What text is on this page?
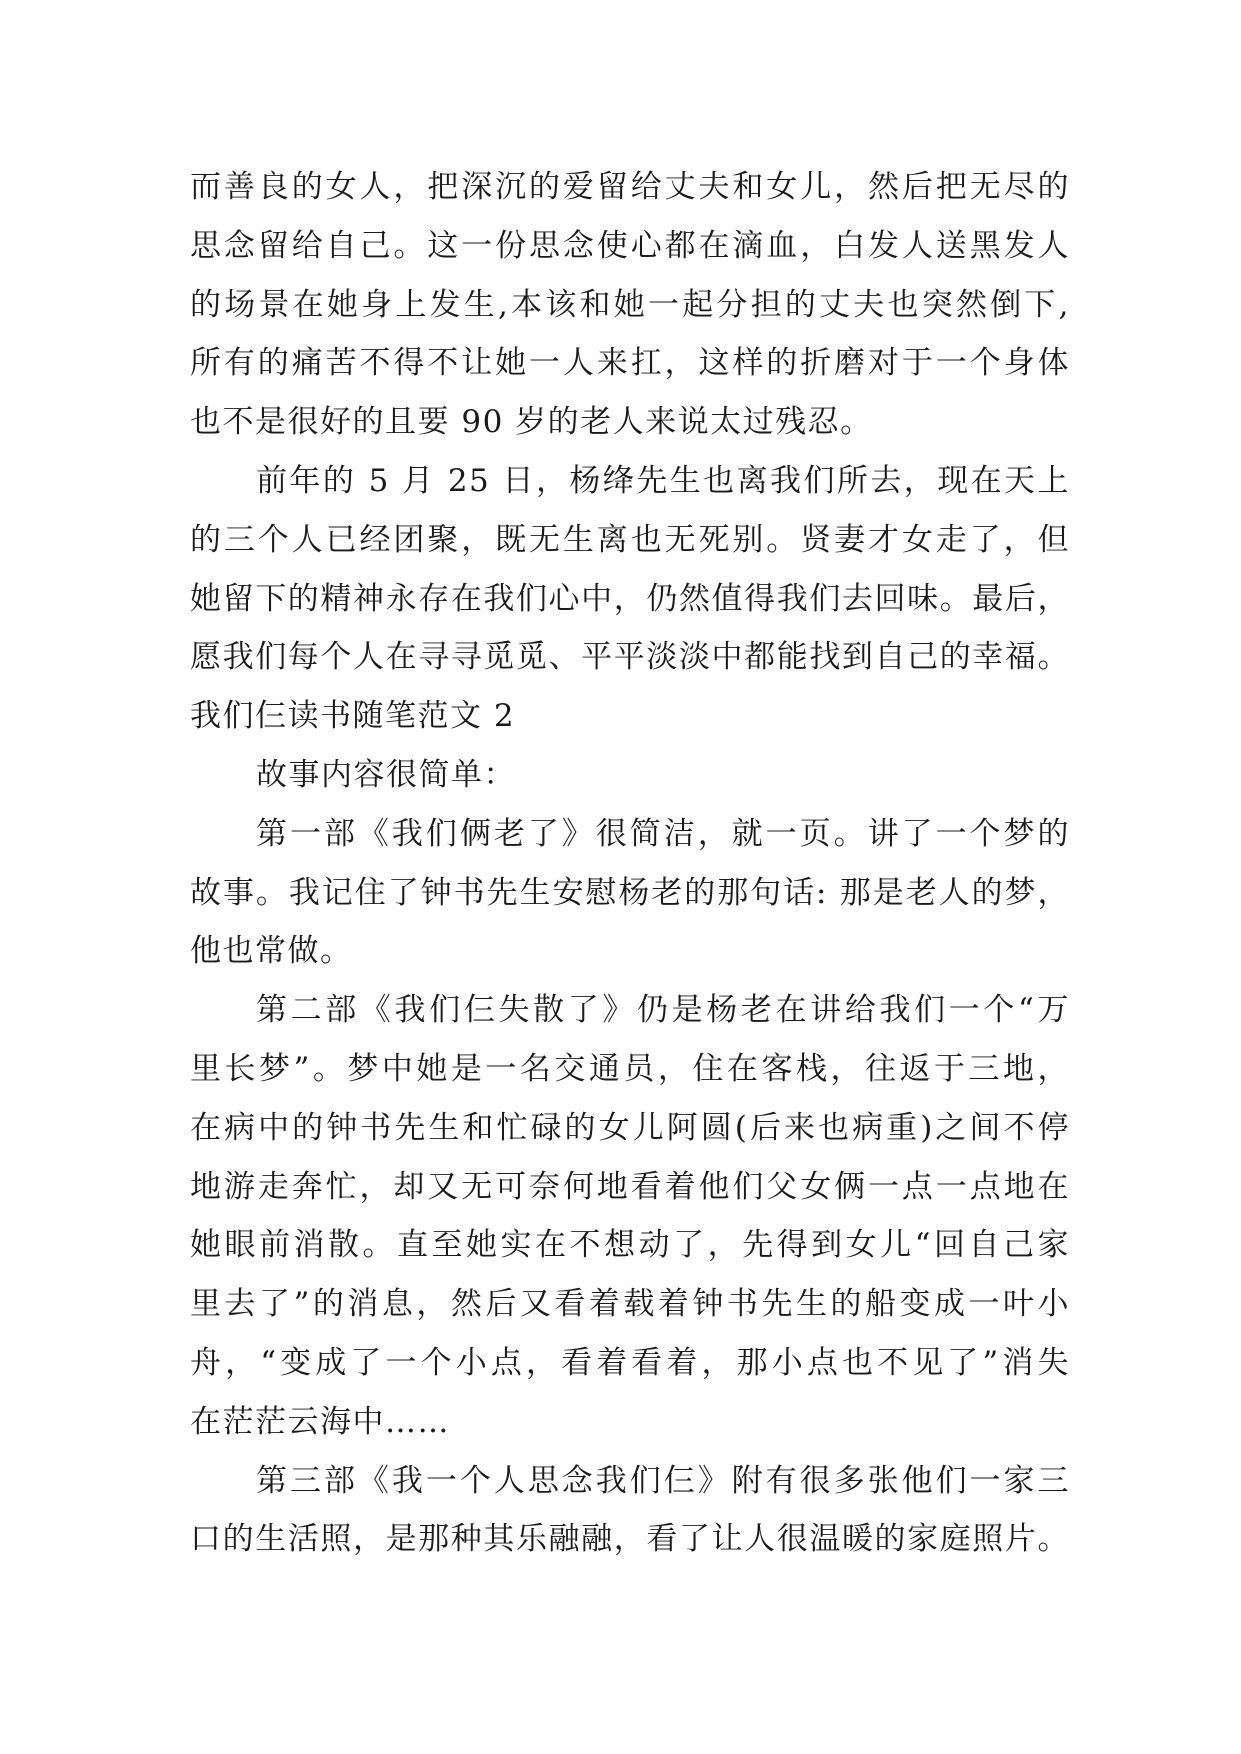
而善良的女人，把深沉的爱留给丈夫和女儿，然后把无尽的
思念留给自己。这一份思念使心都在滴血，白发人送黑发人
的场景在她身上发生,本该和她一起分担的丈夫也突然倒下,
所有的痛苦不得不让她一人来扛，这样的折磨对于一个身体
也不是很好的且要 90 岁的老人来说太过残忍。
前年的 5 月 25 日，杨绛先生也离我们所去，现在天上
的三个人已经团聚，既无生离也无死别。贤妻才女走了，但
她留下的精神永存在我们心中，仍然值得我们去回味。最后，
愿我们每个人在寻寻觅觅、平平淡淡中都能找到自己的幸福。
我们仨读书随笔范文 2
故事内容很简单：
第一部《我们俩老了》很简洁，就一页。讲了一个梦的
故事。我记住了钟书先生安慰杨老的那句话: 那是老人的梦，
他也常做。
第二部《我们仨失散了》仍是杨老在讲给我们一个“万
里长梦”。梦中她是一名交通员，住在客栈，往返于三地，
在病中的钟书先生和忙碌的女儿阿圆(后来也病重)之间不停
地游走奔忙，却又无可奈何地看着他们父女俩一点一点地在
她眼前消散。直至她实在不想动了，先得到女儿“回自己家
里去了”的消息，然后又看着载着钟书先生的船变成一叶小
舟，“变成了一个小点，看着看着，那小点也不见了”消失
在茫茫云海中……
第三部《我一个人思念我们仨》附有很多张他们一家三
口的生活照，是那种其乐融融，看了让人很温暖的家庭照片。
